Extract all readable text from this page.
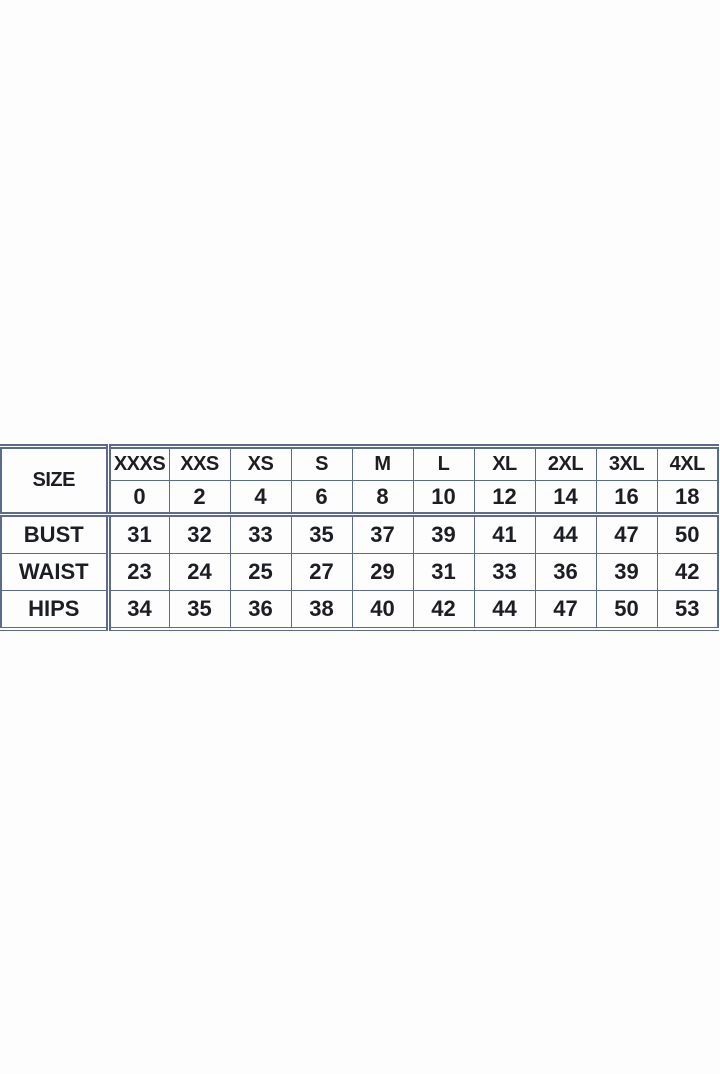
SIZE	XXXS	XXS	XS	S	M	L	XL	2XL	3XL	4XL
	0	2	4	6	8	10	12	14	16	18
BUST	31	32	33	35	37	39	41	44	47	50
WAIST	23	24	25	27	29	31	33	36	39	42
HIPS	34	35	36	38	40	42	44	47	50	53
